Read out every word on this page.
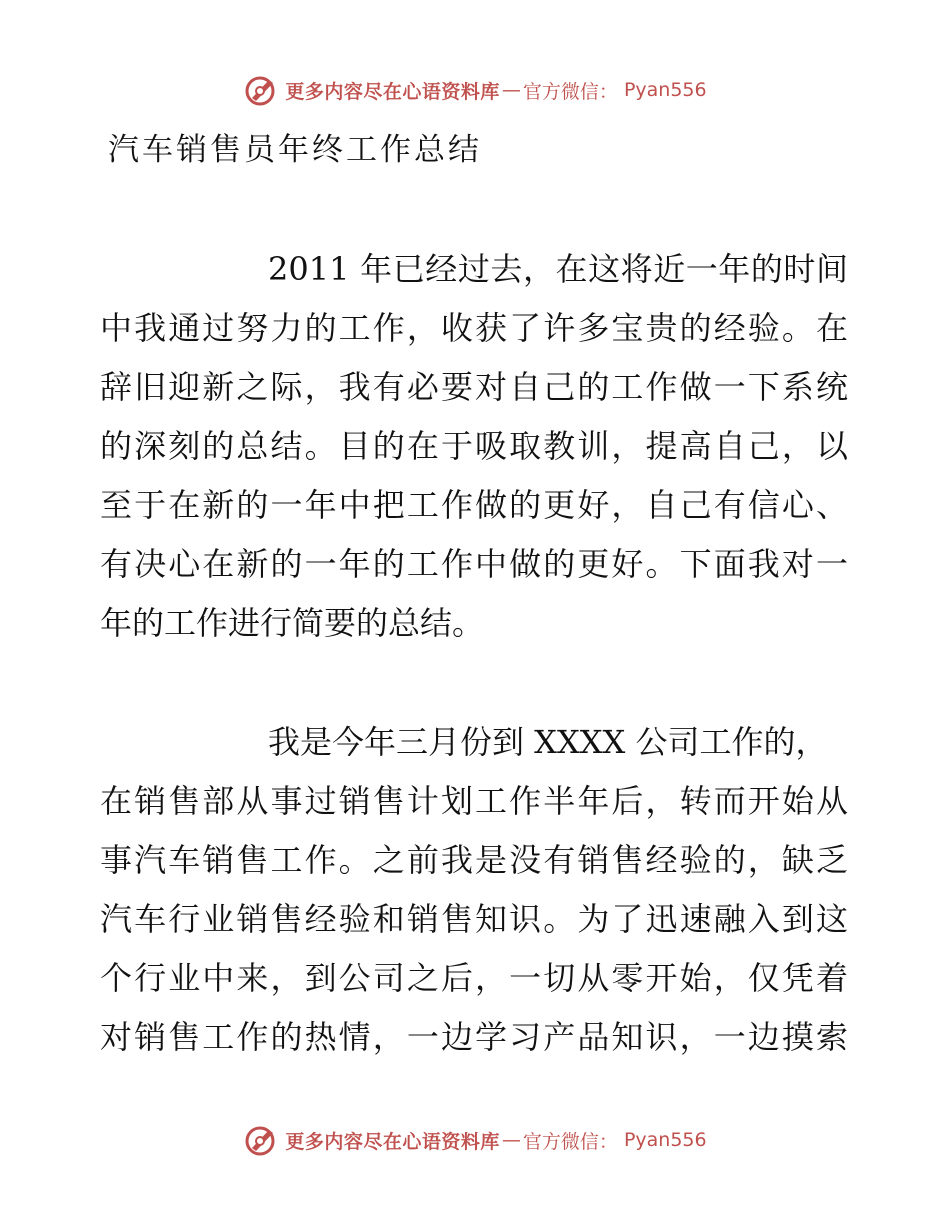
更多内容尽在心语资料库 — 官方微信： Pyan556
汽车销售员年终工作总结
2011 年已经过去，在这将近一年的时间
中我通过努力的工作，收获了许多宝贵的经验。在
辞旧迎新之际，我有必要对自己的工作做一下系统
的深刻的总结。目的在于吸取教训，提高自己，以
至于在新的一年中把工作做的更好，自己有信心、
有决心在新的一年的工作中做的更好。下面我对一
年的工作进行简要的总结。
我是今年三月份到 XXXX 公司工作的，
在销售部从事过销售计划工作半年后，转而开始从
事汽车销售工作。之前我是没有销售经验的，缺乏
汽车行业销售经验和销售知识。为了迅速融入到这
个行业中来，到公司之后，一切从零开始，仅凭着
对销售工作的热情，一边学习产品知识，一边摸索
更多内容尽在心语资料库 — 官方微信： Pyan556
